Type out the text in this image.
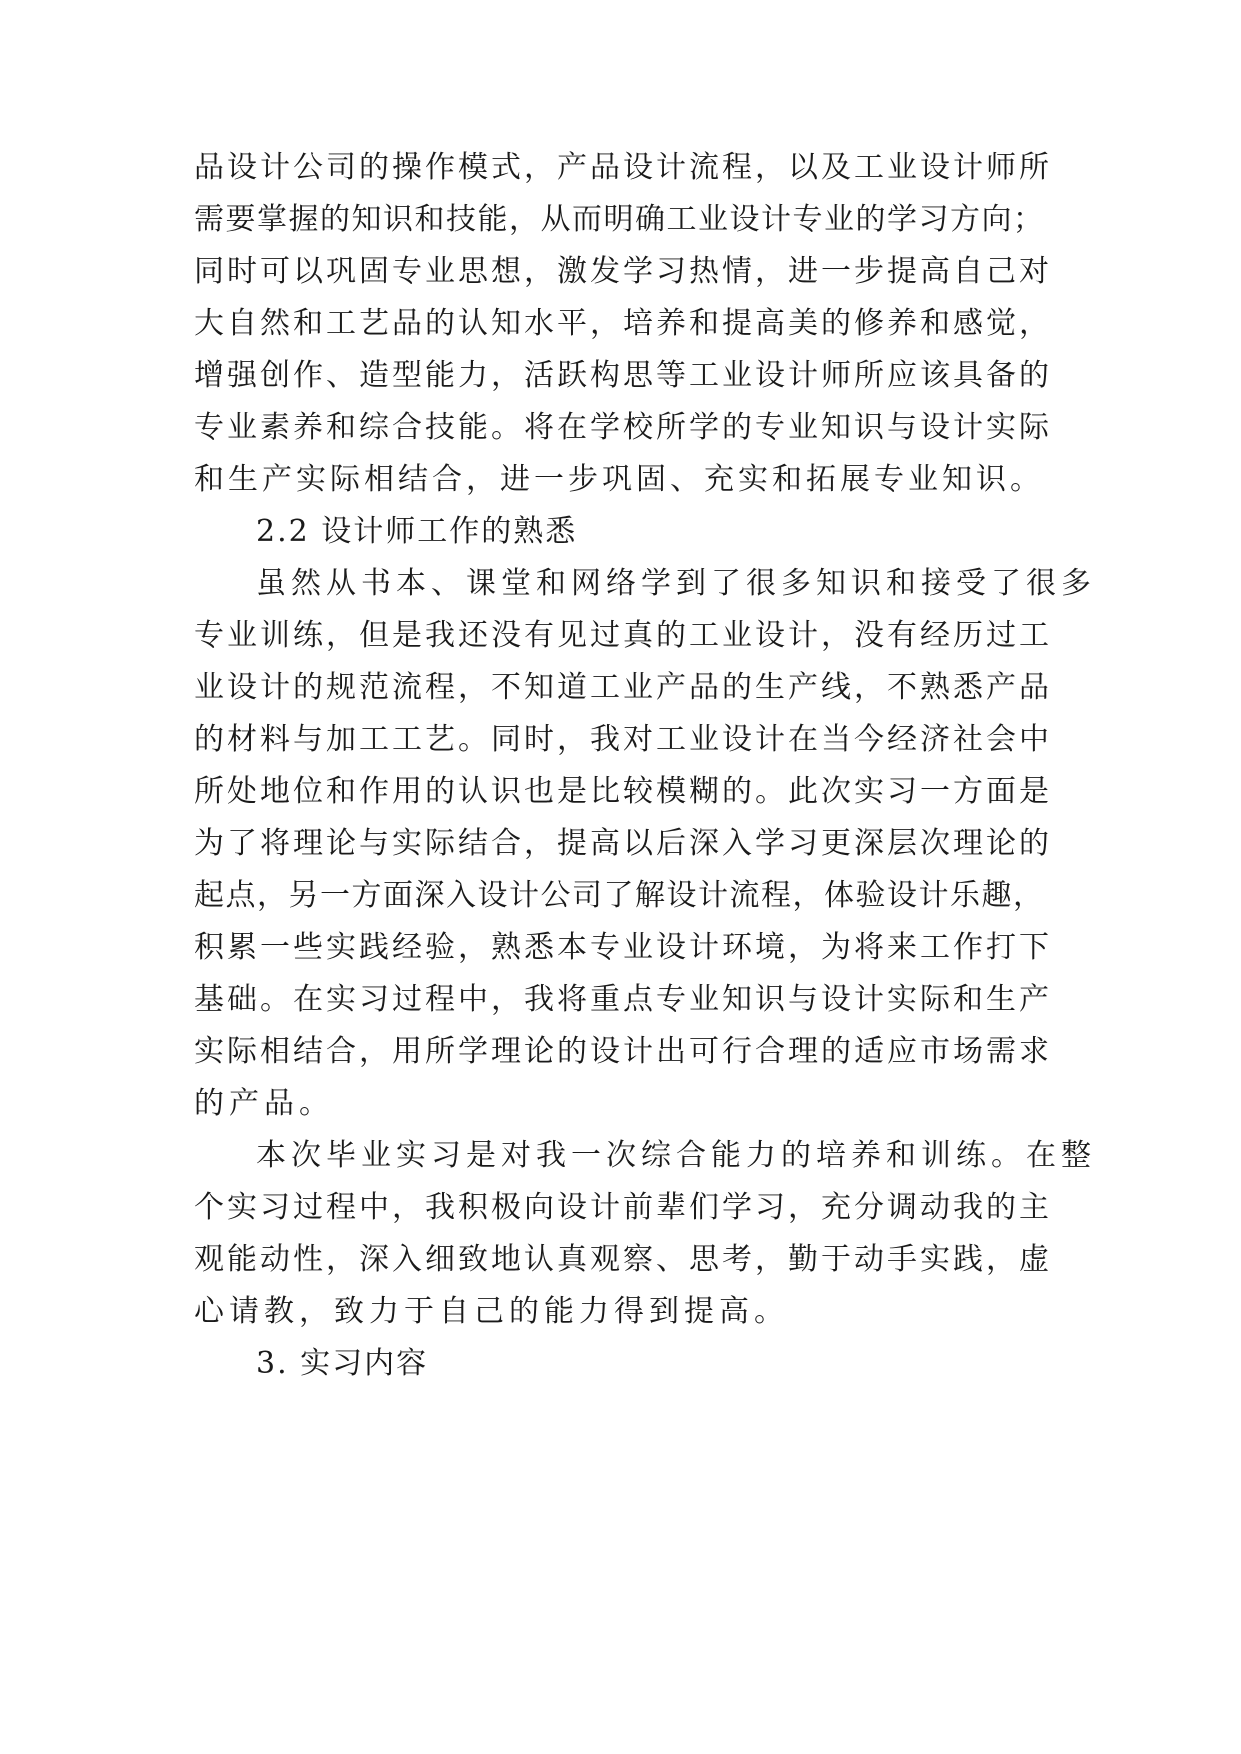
品设计公司的操作模式，产品设计流程，以及工业设计师所
需要掌握的知识和技能，从而明确工业设计专业的学习方向；
同时可以巩固专业思想，激发学习热情，进一步提高自己对
大自然和工艺品的认知水平，培养和提高美的修养和感觉，
增强创作、造型能力，活跃构思等工业设计师所应该具备的
专业素养和综合技能。将在学校所学的专业知识与设计实际
和生产实际相结合，进一步巩固、充实和拓展专业知识。
2.2 设计师工作的熟悉
虽然从书本、课堂和网络学到了很多知识和接受了很多
专业训练，但是我还没有见过真的工业设计，没有经历过工
业设计的规范流程，不知道工业产品的生产线，不熟悉产品
的材料与加工工艺。同时，我对工业设计在当今经济社会中
所处地位和作用的认识也是比较模糊的。此次实习一方面是
为了将理论与实际结合，提高以后深入学习更深层次理论的
起点，另一方面深入设计公司了解设计流程，体验设计乐趣，
积累一些实践经验，熟悉本专业设计环境，为将来工作打下
基础。在实习过程中，我将重点专业知识与设计实际和生产
实际相结合，用所学理论的设计出可行合理的适应市场需求
的产品。
本次毕业实习是对我一次综合能力的培养和训练。在整
个实习过程中，我积极向设计前辈们学习，充分调动我的主
观能动性，深入细致地认真观察、思考，勤于动手实践，虚
心请教，致力于自己的能力得到提高。
3. 实习内容
